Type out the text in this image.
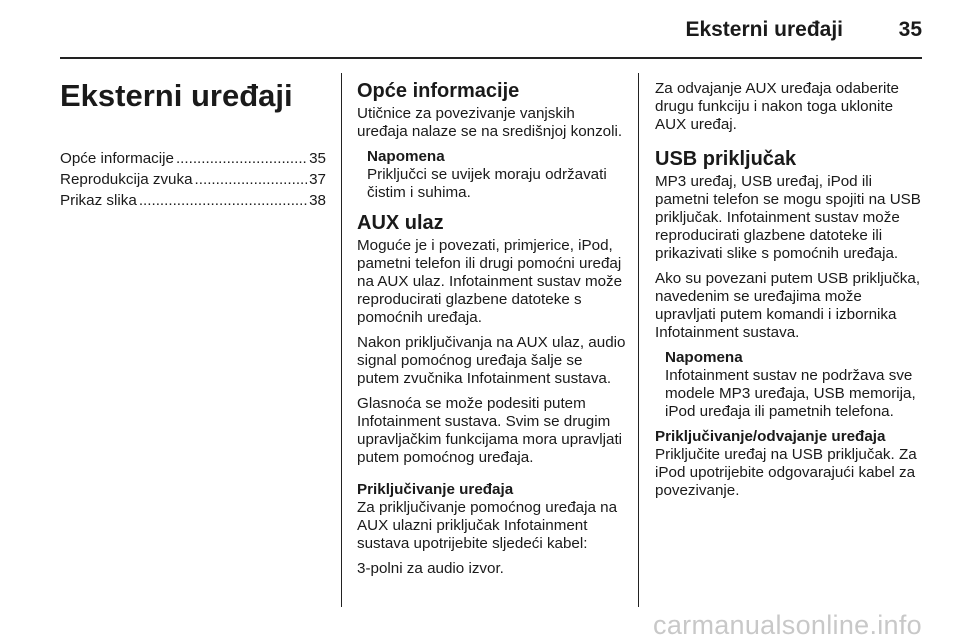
Eksterni uređaji	35
Eksterni uređaji
Opće informacije .....	35
Reprodukcija zvuka .....	37
Prikaz slika .....	38
Opće informacije

Utičnice za povezivanje vanjskih uređaja nalaze se na središnjoj konzoli.

Napomena
Priključci se uvijek moraju održavati čistim i suhima.
AUX ulaz

Moguće je i povezati, primjerice, iPod, pametni telefon ili drugi pomoćni uređaj na AUX ulaz. Infotainment sustav može reproducirati glazbene datoteke s pomoćnih uređaja.

Nakon priključivanja na AUX ulaz, audio signal pomoćnog uređaja šalje se putem zvučnika Infotainment sustava.

Glasnoća se može podesiti putem Infotainment sustava. Svim se drugim upravljačkim funkcijama mora upravljati putem pomoćnog uređaja.

Priključivanje uređaja

Za priključivanje pomoćnog uređaja na AUX ulazni priključak Infotainment sustava upotrijebite sljedeći kabel:

3-polni za audio izvor.

Za odvajanje AUX uređaja odaberite drugu funkciju i nakon toga uklonite AUX uređaj.

USB priključak

MP3 uređaj, USB uređaj, iPod ili pametni telefon se mogu spojiti na USB priključak. Infotainment sustav može reproducirati glazbene datoteke ili prikazivati slike s pomoćnih uređaja.

Ako su povezani putem USB priključka, navedenim se uređajima može upravljati putem komandi i izbornika Infotainment sustava.

Napomena
Infotainment sustav ne podržava sve modele MP3 uređaja, USB memorija, iPod uređaja ili pametnih telefona.
Priključivanje/odvajanje uređaja

Priključite uređaj na USB priključak. Za iPod upotrijebite odgovarajući kabel za povezivanje.

carmanualsonline.info
